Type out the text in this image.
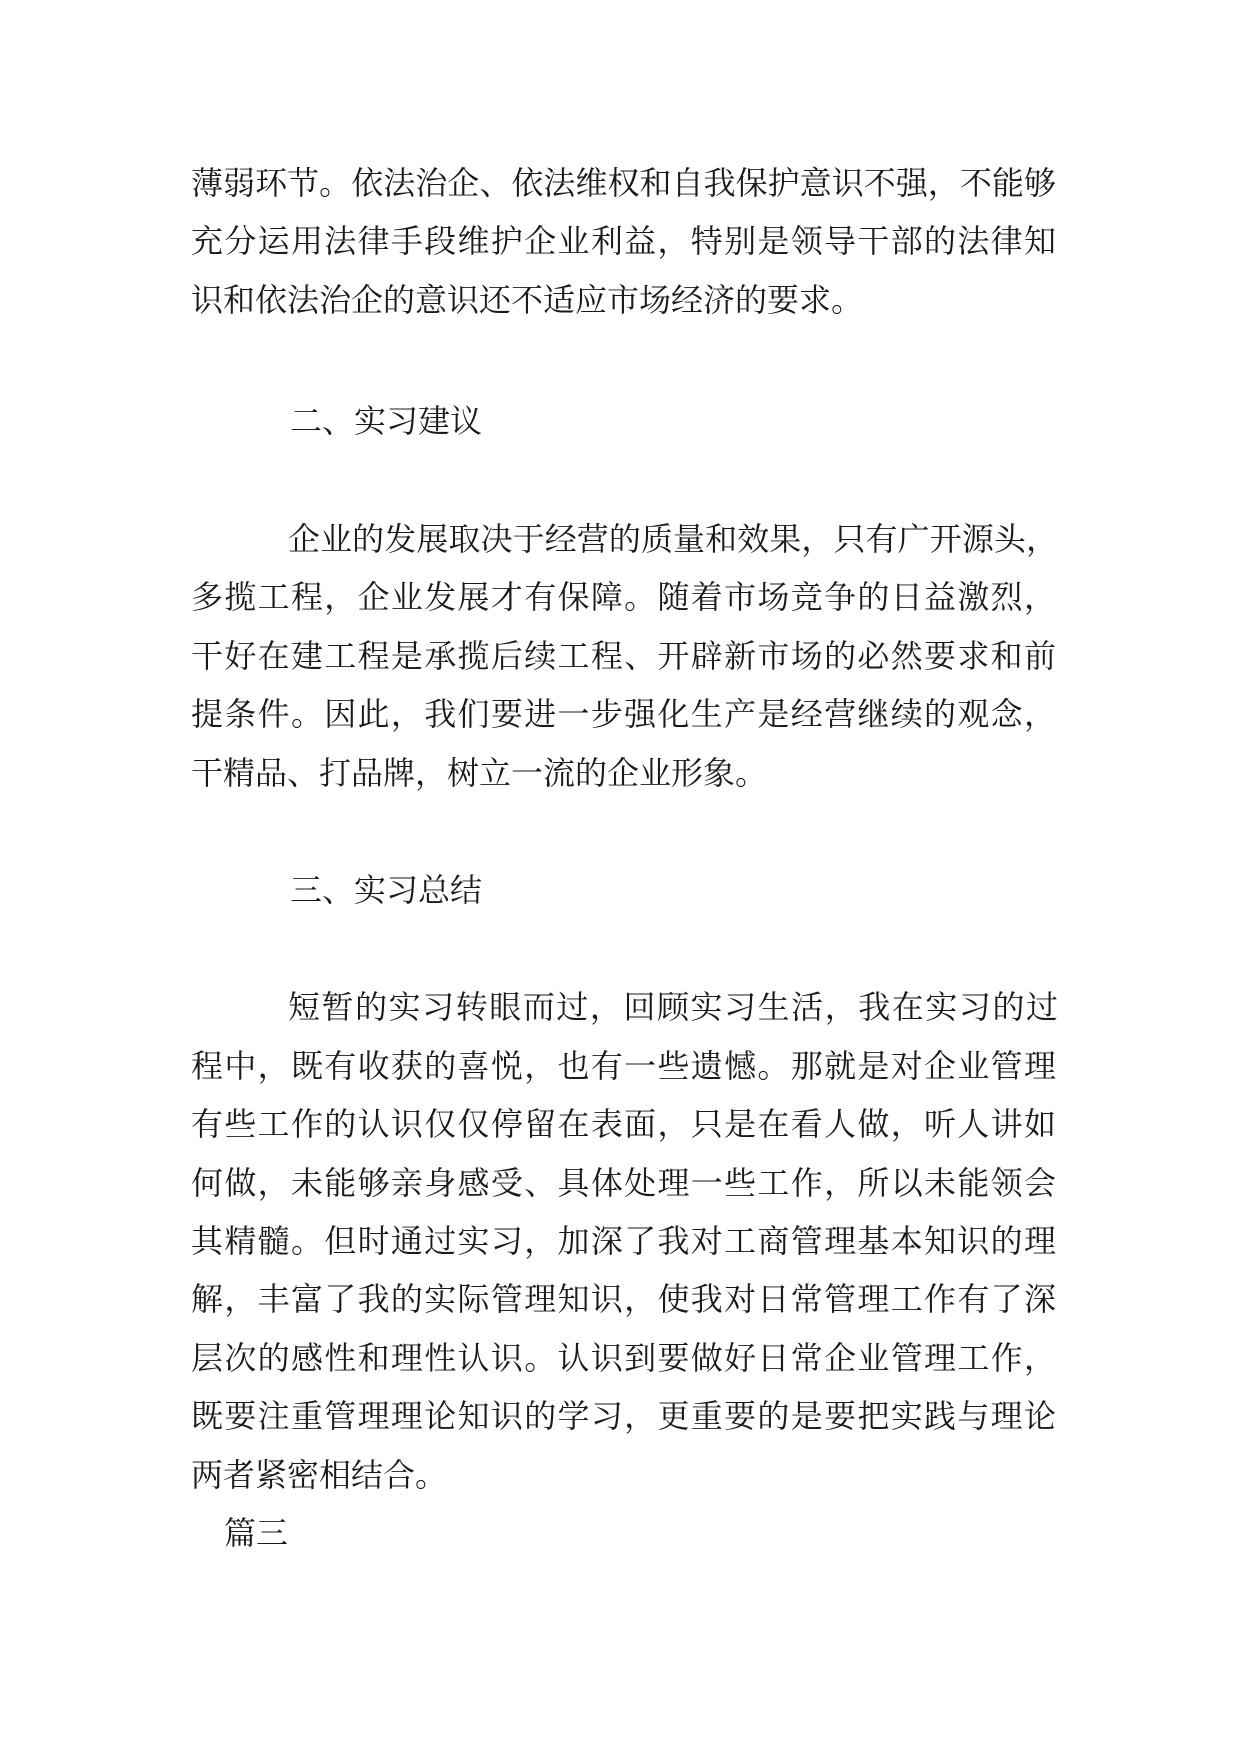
薄弱环节。依法治企、依法维权和自我保护意识不强，不能够
充分运用法律手段维护企业利益，特别是领导干部的法律知
识和依法治企的意识还不适应市场经济的要求。
二、实习建议
企业的发展取决于经营的质量和效果，只有广开源头，
多揽工程，企业发展才有保障。随着市场竞争的日益激烈，
干好在建工程是承揽后续工程、开辟新市场的必然要求和前
提条件。因此，我们要进一步强化生产是经营继续的观念，
干精品、打品牌，树立一流的企业形象。
三、实习总结
短暂的实习转眼而过，回顾实习生活，我在实习的过
程中，既有收获的喜悦，也有一些遗憾。那就是对企业管理
有些工作的认识仅仅停留在表面，只是在看人做，听人讲如
何做，未能够亲身感受、具体处理一些工作，所以未能领会
其精髓。但时通过实习，加深了我对工商管理基本知识的理
解，丰富了我的实际管理知识，使我对日常管理工作有了深
层次的感性和理性认识。认识到要做好日常企业管理工作，
既要注重管理理论知识的学习，更重要的是要把实践与理论
两者紧密相结合。
篇三
